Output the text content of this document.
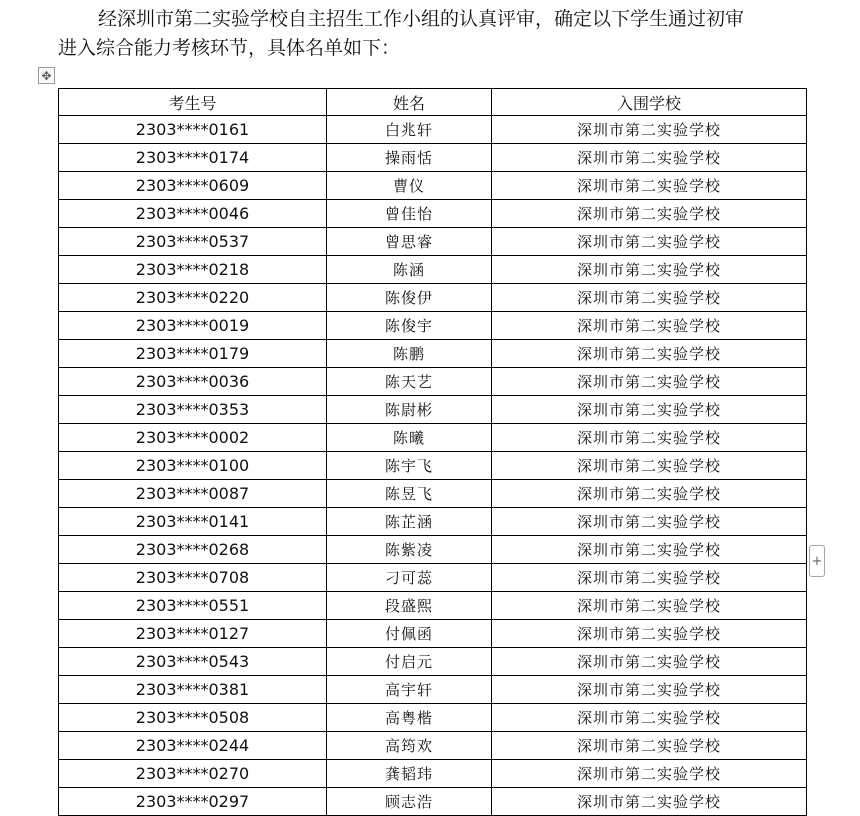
经深圳市第二实验学校自主招生工作小组的认真评审，确定以下学生通过初审
进入综合能力考核环节，具体名单如下：

✥
考生号	姓名	入围学校
2303****0161	白兆轩	深圳市第二实验学校
2303****0174	操雨恬	深圳市第二实验学校
2303****0609	曹仪	深圳市第二实验学校
2303****0046	曾佳怡	深圳市第二实验学校
2303****0537	曾思睿	深圳市第二实验学校
2303****0218	陈涵	深圳市第二实验学校
2303****0220	陈俊伊	深圳市第二实验学校
2303****0019	陈俊宇	深圳市第二实验学校
2303****0179	陈鹏	深圳市第二实验学校
2303****0036	陈天艺	深圳市第二实验学校
2303****0353	陈尉彬	深圳市第二实验学校
2303****0002	陈曦	深圳市第二实验学校
2303****0100	陈宇飞	深圳市第二实验学校
2303****0087	陈昱飞	深圳市第二实验学校
2303****0141	陈芷涵	深圳市第二实验学校
2303****0268	陈紫凌	深圳市第二实验学校
2303****0708	刁可蕊	深圳市第二实验学校
2303****0551	段盛熙	深圳市第二实验学校
2303****0127	付佩函	深圳市第二实验学校
2303****0543	付启元	深圳市第二实验学校
2303****0381	高宇轩	深圳市第二实验学校
2303****0508	高粤楷	深圳市第二实验学校
2303****0244	高筠欢	深圳市第二实验学校
2303****0270	龚韬玮	深圳市第二实验学校
2303****0297	顾志浩	深圳市第二实验学校
+
